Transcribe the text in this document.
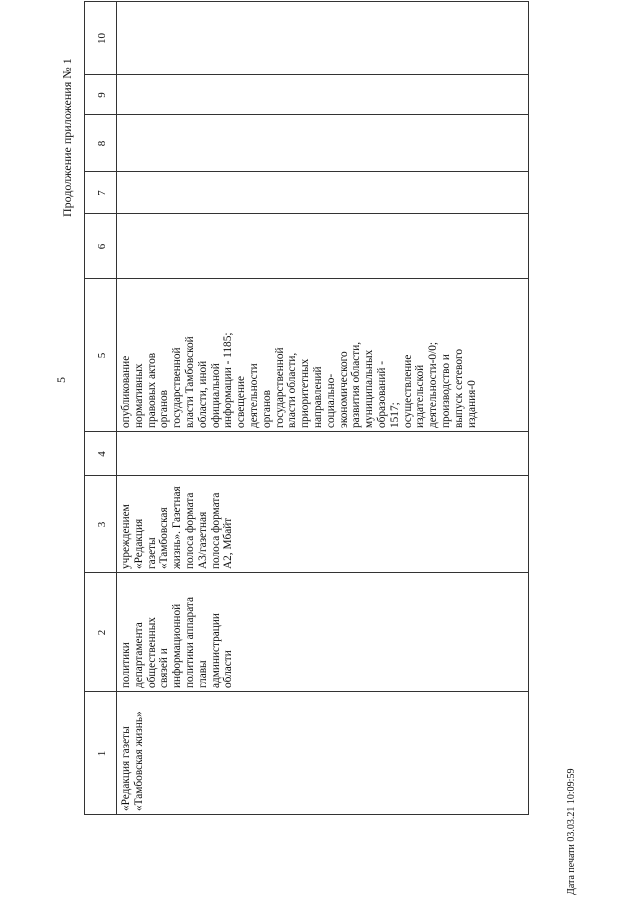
5
Продолжение приложения № 1
1
2
3
4
5
6
7
8
9
10
«Редакция газеты «Тамбовская жизнь»
политики департамента общественных связей и информационной политики аппарата главы администрации области
учреждением «Редакция газеты «Тамбовская жизнь». Газетная полоса формата А3/газетная полоса формата А2, Мбайт
опубликование нормативных правовых актов органов государственной власти Тамбовской области, иной официальной информации - 1185; освещение деятельности органов государственной власти области, приоритетных направлений социально- экономического развития области, муниципальных образований - 1517; осуществление издательской деятельности-0/0; производство и выпуск сетевого издания-0
Дата печати 03.03.21 10:09:59
